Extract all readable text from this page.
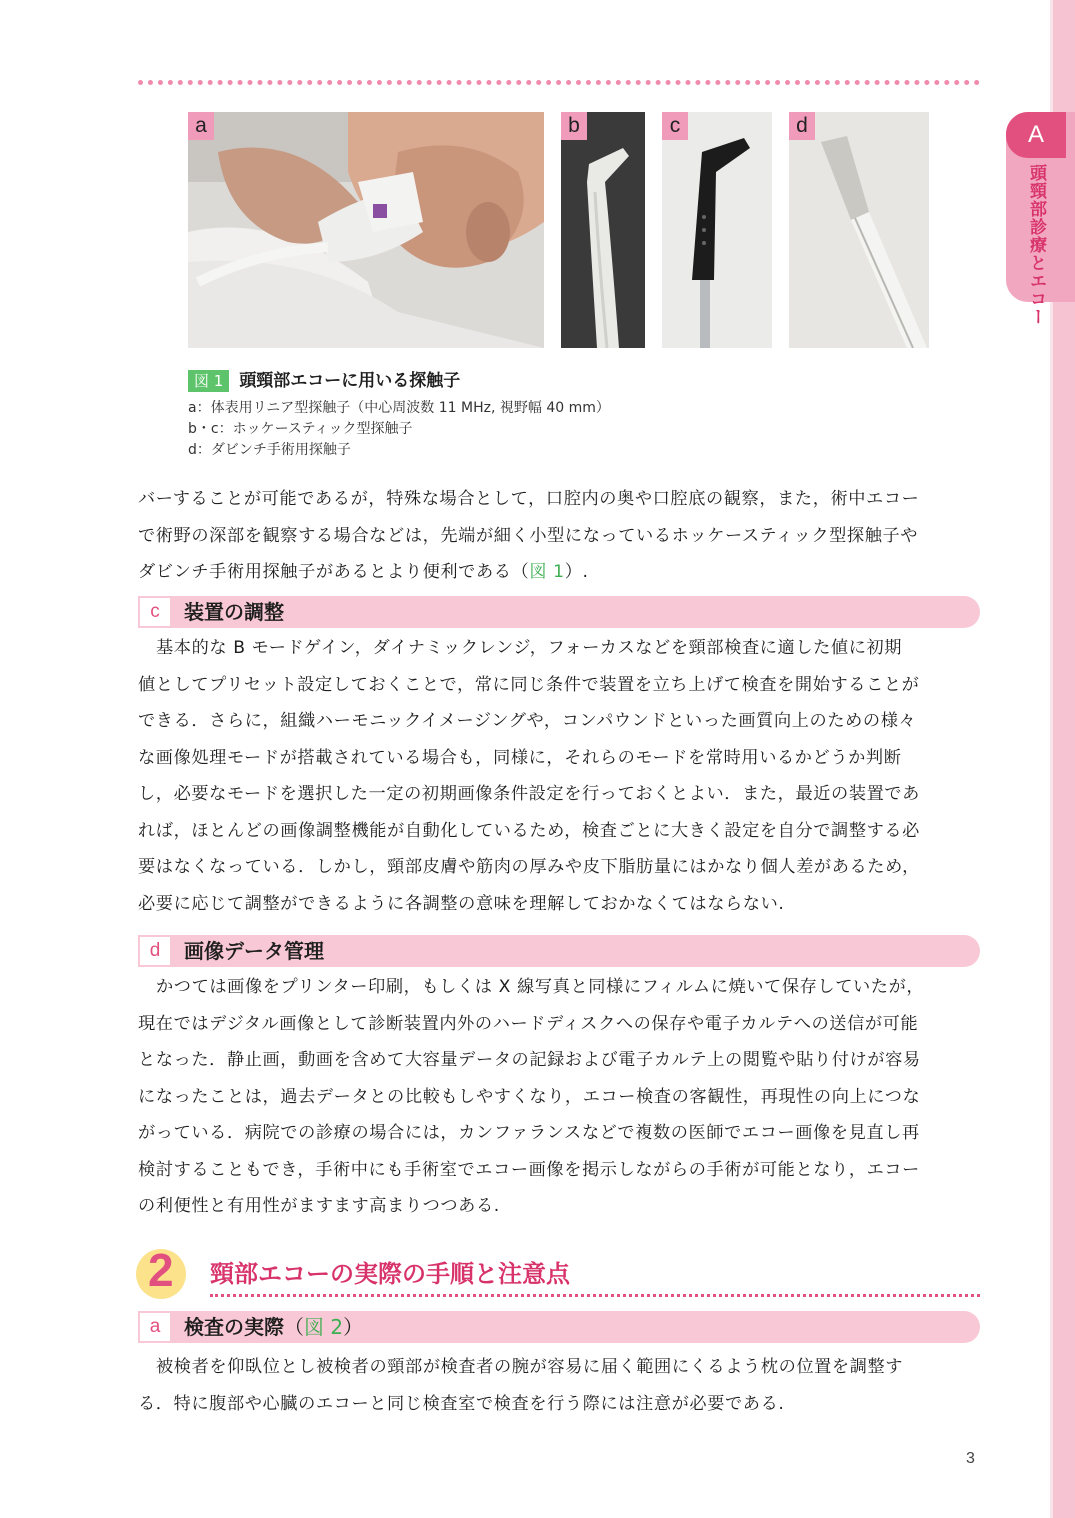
A
頭頸部診療とエコー
a	b	c	d
図 1 頭頸部エコーに用いる探触子
a：体表用リニア型探触子（中心周波数 11 MHz, 視野幅 40 mm）
b・c：ホッケースティック型探触子
d：ダビンチ手術用探触子
バーすることが可能であるが，特殊な場合として，口腔内の奥や口腔底の観察，また，術中エコー
で術野の深部を観察する場合などは，先端が細く小型になっているホッケースティック型探触子や
ダビンチ手術用探触子があるとより便利である（図 1）.
c	装置の調整
基本的な B モードゲイン，ダイナミックレンジ，フォーカスなどを頸部検査に適した値に初期
値としてプリセット設定しておくことで，常に同じ条件で装置を立ち上げて検査を開始することが
できる．さらに，組織ハーモニックイメージングや，コンパウンドといった画質向上のための様々
な画像処理モードが搭載されている場合も，同様に，それらのモードを常時用いるかどうか判断
し，必要なモードを選択した一定の初期画像条件設定を行っておくとよい．また，最近の装置であ
れば，ほとんどの画像調整機能が自動化しているため，検査ごとに大きく設定を自分で調整する必
要はなくなっている．しかし，頸部皮膚や筋肉の厚みや皮下脂肪量にはかなり個人差があるため，
必要に応じて調整ができるように各調整の意味を理解しておかなくてはならない.
d	画像データ管理
かつては画像をプリンター印刷，もしくは X 線写真と同様にフィルムに焼いて保存していたが，
現在ではデジタル画像として診断装置内外のハードディスクへの保存や電子カルテへの送信が可能
となった．静止画，動画を含めて大容量データの記録および電子カルテ上の閲覧や貼り付けが容易
になったことは，過去データとの比較もしやすくなり，エコー検査の客観性，再現性の向上につな
がっている．病院での診療の場合には，カンファランスなどで複数の医師でエコー画像を見直し再
検討することもでき，手術中にも手術室でエコー画像を掲示しながらの手術が可能となり，エコー
の利便性と有用性がますます高まりつつある.
2 頸部エコーの実際の手順と注意点
a	検査の実際（図 2）
被検者を仰臥位とし被検者の頸部が検査者の腕が容易に届く範囲にくるよう枕の位置を調整す
る．特に腹部や心臓のエコーと同じ検査室で検査を行う際には注意が必要である.
3
